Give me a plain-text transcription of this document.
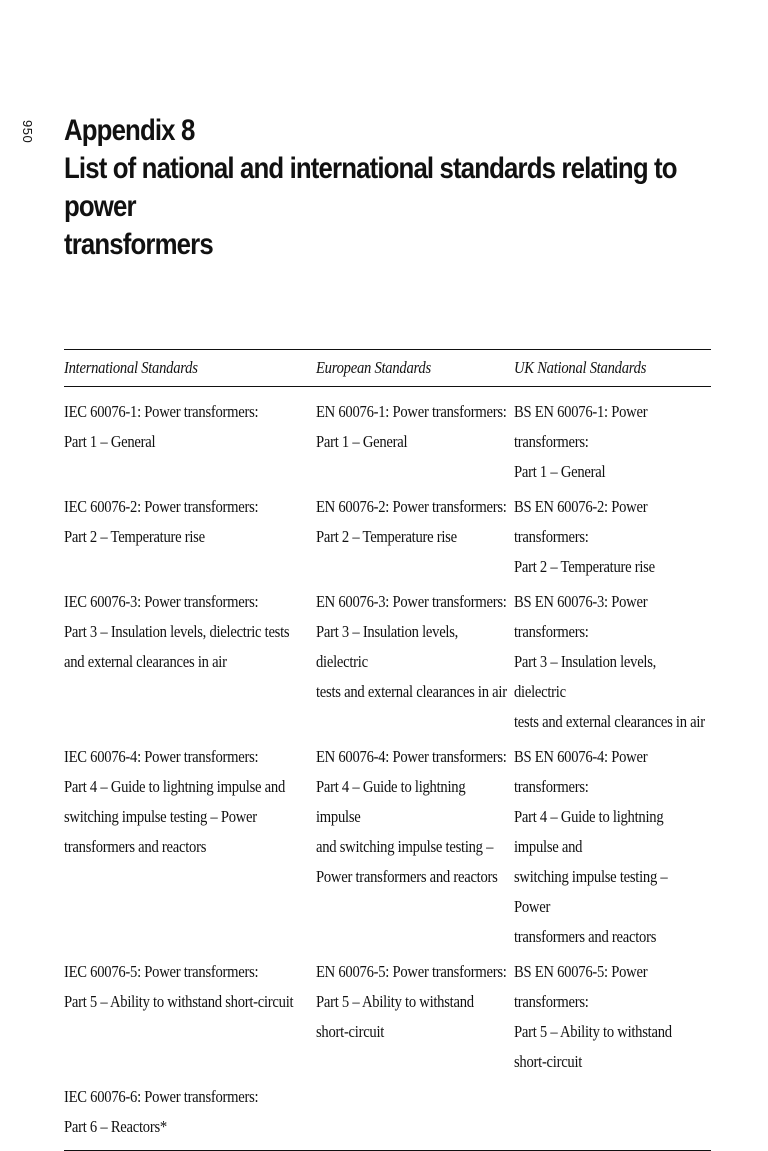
950 Appendix 8
List of national and international standards relating to power
transformers
International Standards	European Standards	UK National Standards
IEC 60076-1: Power transformers:
Part 1 – General
EN 60076-1: Power transformers:
Part 1 – General
BS EN 60076-1: Power transformers:
Part 1 – General
IEC 60076-2: Power transformers:
Part 2 – Temperature rise
EN 60076-2: Power transformers:
Part 2 – Temperature rise
BS EN 60076-2: Power transformers:
Part 2 – Temperature rise
IEC 60076-3: Power transformers:
Part 3 – Insulation levels, dielectric tests
and external clearances in air
EN 60076-3: Power transformers:
Part 3 – Insulation levels, dielectric
tests and external clearances in air
BS EN 60076-3: Power transformers:
Part 3 – Insulation levels, dielectric
tests and external clearances in air
IEC 60076-4: Power transformers:
Part 4 – Guide to lightning impulse and
switching impulse testing – Power
transformers and reactors
EN 60076-4: Power transformers:
Part 4 – Guide to lightning impulse
and switching impulse testing –
Power transformers and reactors
BS EN 60076-4: Power transformers:
Part 4 – Guide to lightning impulse and
switching impulse testing – Power
transformers and reactors
IEC 60076-5: Power transformers:
Part 5 – Ability to withstand short-circuit
EN 60076-5: Power transformers:
Part 5 – Ability to withstand
short-circuit
BS EN 60076-5: Power transformers:
Part 5 – Ability to withstand
short-circuit
IEC 60076-6: Power transformers:
Part 6 – Reactors*
